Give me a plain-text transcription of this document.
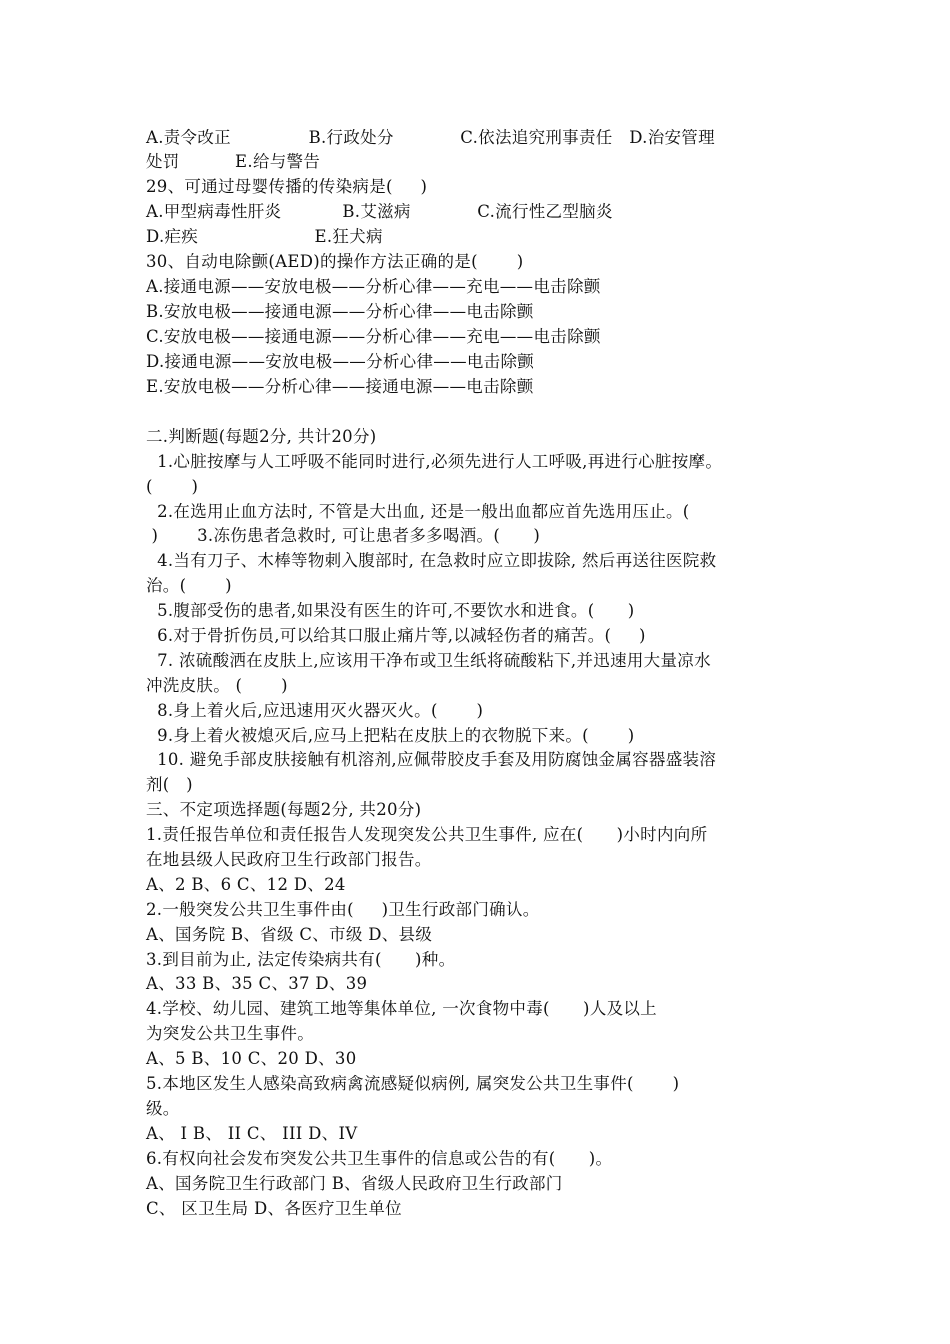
A.责令改正              B.行政处分            C.依法追究刑事责任   D.治安管理
处罚          E.给与警告
29、可通过母婴传播的传染病是(     )
A.甲型病毒性肝炎           B.艾滋病            C.流行性乙型脑炎
D.疟疾                     E.狂犬病
30、自动电除颤(AED)的操作方法正确的是(       )
A.接通电源——安放电极——分析心律——充电——电击除颤
B.安放电极——接通电源——分析心律——电击除颤
C.安放电极——接通电源——分析心律——充电——电击除颤
D.接通电源——安放电极——分析心律——电击除颤
E.安放电极——分析心律——接通电源——电击除颤
二.判断题(每题2分, 共计20分)
1.心脏按摩与人工呼吸不能同时进行,必须先进行人工呼吸,再进行心脏按摩。
(       )
2.在选用止血方法时, 不管是大出血, 还是一般出血都应首先选用压止。(
)       3.冻伤患者急救时, 可让患者多多喝酒。(      )
4.当有刀子、木棒等物刺入腹部时, 在急救时应立即拔除, 然后再送往医院救
治。(       )
5.腹部受伤的患者,如果没有医生的许可,不要饮水和进食。(      )
6.对于骨折伤员,可以给其口服止痛片等,以减轻伤者的痛苦。(     )
7. 浓硫酸洒在皮肤上,应该用干净布或卫生纸将硫酸粘下,并迅速用大量凉水
冲洗皮肤。 (       )
8.身上着火后,应迅速用灭火器灭火。(       )
9.身上着火被熄灭后,应马上把粘在皮肤上的衣物脱下来。(       )
10. 避免手部皮肤接触有机溶剂,应佩带胶皮手套及用防腐蚀金属容器盛装溶
剂(   )
三、不定项选择题(每题2分, 共20分)
1.责任报告单位和责任报告人发现突发公共卫生事件, 应在(      )小时内向所
在地县级人民政府卫生行政部门报告。
A、2 B、6 C、12 D、24
2.一般突发公共卫生事件由(     )卫生行政部门确认。
A、国务院 B、省级 C、市级 D、县级
3.到目前为止, 法定传染病共有(      )种。
A、33 B、35 C、37 D、39
4.学校、幼儿园、建筑工地等集体单位, 一次食物中毒(      )人及以上
为突发公共卫生事件。
A、5 B、10 C、20 D、30
5.本地区发生人感染高致病禽流感疑似病例, 属突发公共卫生事件(       )
级。
A、 I B、 II C、 III D、IV
6.有权向社会发布突发公共卫生事件的信息或公告的有(      )。
A、国务院卫生行政部门 B、省级人民政府卫生行政部门
C、 区卫生局 D、各医疗卫生单位
